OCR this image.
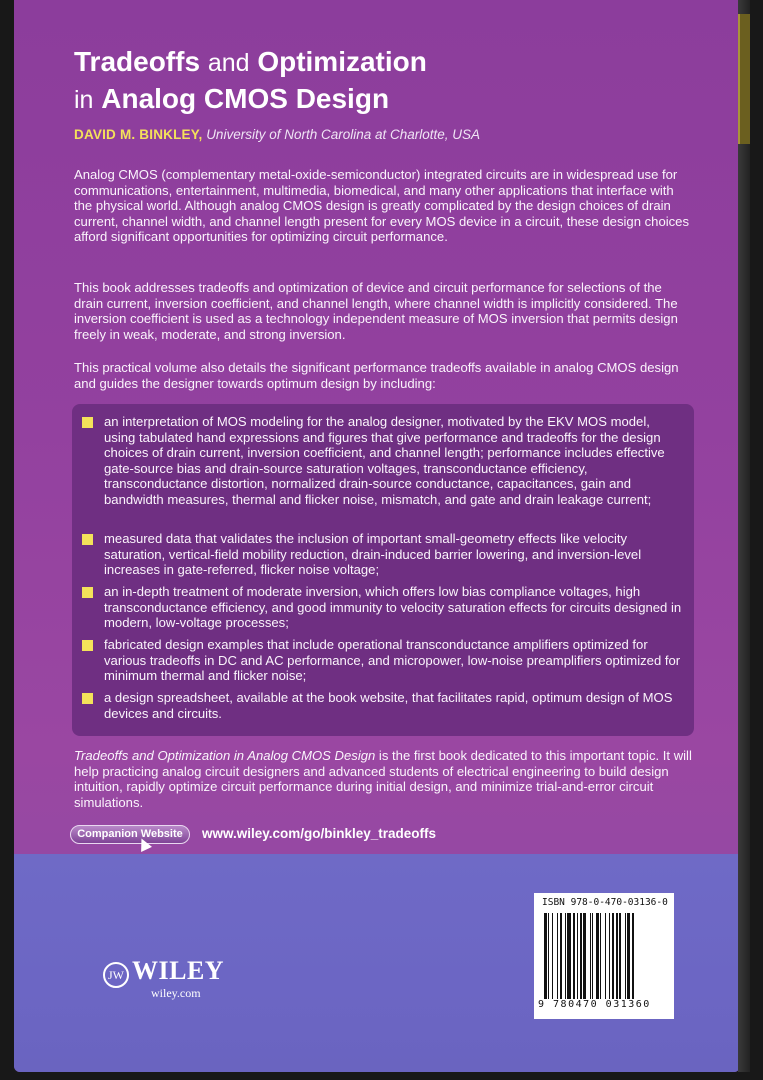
Tradeoffs and Optimization
in Analog CMOS Design
DAVID M. BINKLEY, University of North Carolina at Charlotte, USA
Analog CMOS (complementary metal-oxide-semiconductor) integrated circuits are in widespread use for communications, entertainment, multimedia, biomedical, and many other applications that interface with the physical world. Although analog CMOS design is greatly complicated by the design choices of drain current, channel width, and channel length present for every MOS device in a circuit, these design choices afford significant opportunities for optimizing circuit performance.
This book addresses tradeoffs and optimization of device and circuit performance for selections of the drain current, inversion coefficient, and channel length, where channel width is implicitly considered. The inversion coefficient is used as a technology independent measure of MOS inversion that permits design freely in weak, moderate, and strong inversion.
This practical volume also details the significant performance tradeoffs available in analog CMOS design and guides the designer towards optimum design by including:
an interpretation of MOS modeling for the analog designer, motivated by the EKV MOS model, using tabulated hand expressions and figures that give performance and tradeoffs for the design choices of drain current, inversion coefficient, and channel length; performance includes effective gate-source bias and drain-source saturation voltages, transconductance efficiency, transconductance distortion, normalized drain-source conductance, capacitances, gain and bandwidth measures, thermal and flicker noise, mismatch, and gate and drain leakage current;
measured data that validates the inclusion of important small-geometry effects like velocity saturation, vertical-field mobility reduction, drain-induced barrier lowering, and inversion-level increases in gate-referred, flicker noise voltage;
an in-depth treatment of moderate inversion, which offers low bias compliance voltages, high transconductance efficiency, and good immunity to velocity saturation effects for circuits designed in modern, low-voltage processes;
fabricated design examples that include operational transconductance amplifiers optimized for various tradeoffs in DC and AC performance, and micropower, low-noise preamplifiers optimized for minimum thermal and flicker noise;
a design spreadsheet, available at the book website, that facilitates rapid, optimum design of MOS devices and circuits.
Tradeoffs and Optimization in Analog CMOS Design is the first book dedicated to this important topic. It will help practicing analog circuit designers and advanced students of electrical engineering to build design intuition, rapidly optimize circuit performance during initial design, and minimize trial-and-error circuit simulations.
Companion Website	www.wiley.com/go/binkley_tradeoffs
JW WILEY
wiley.com
ISBN 978-0-470-03136-0
9 780470 031360
